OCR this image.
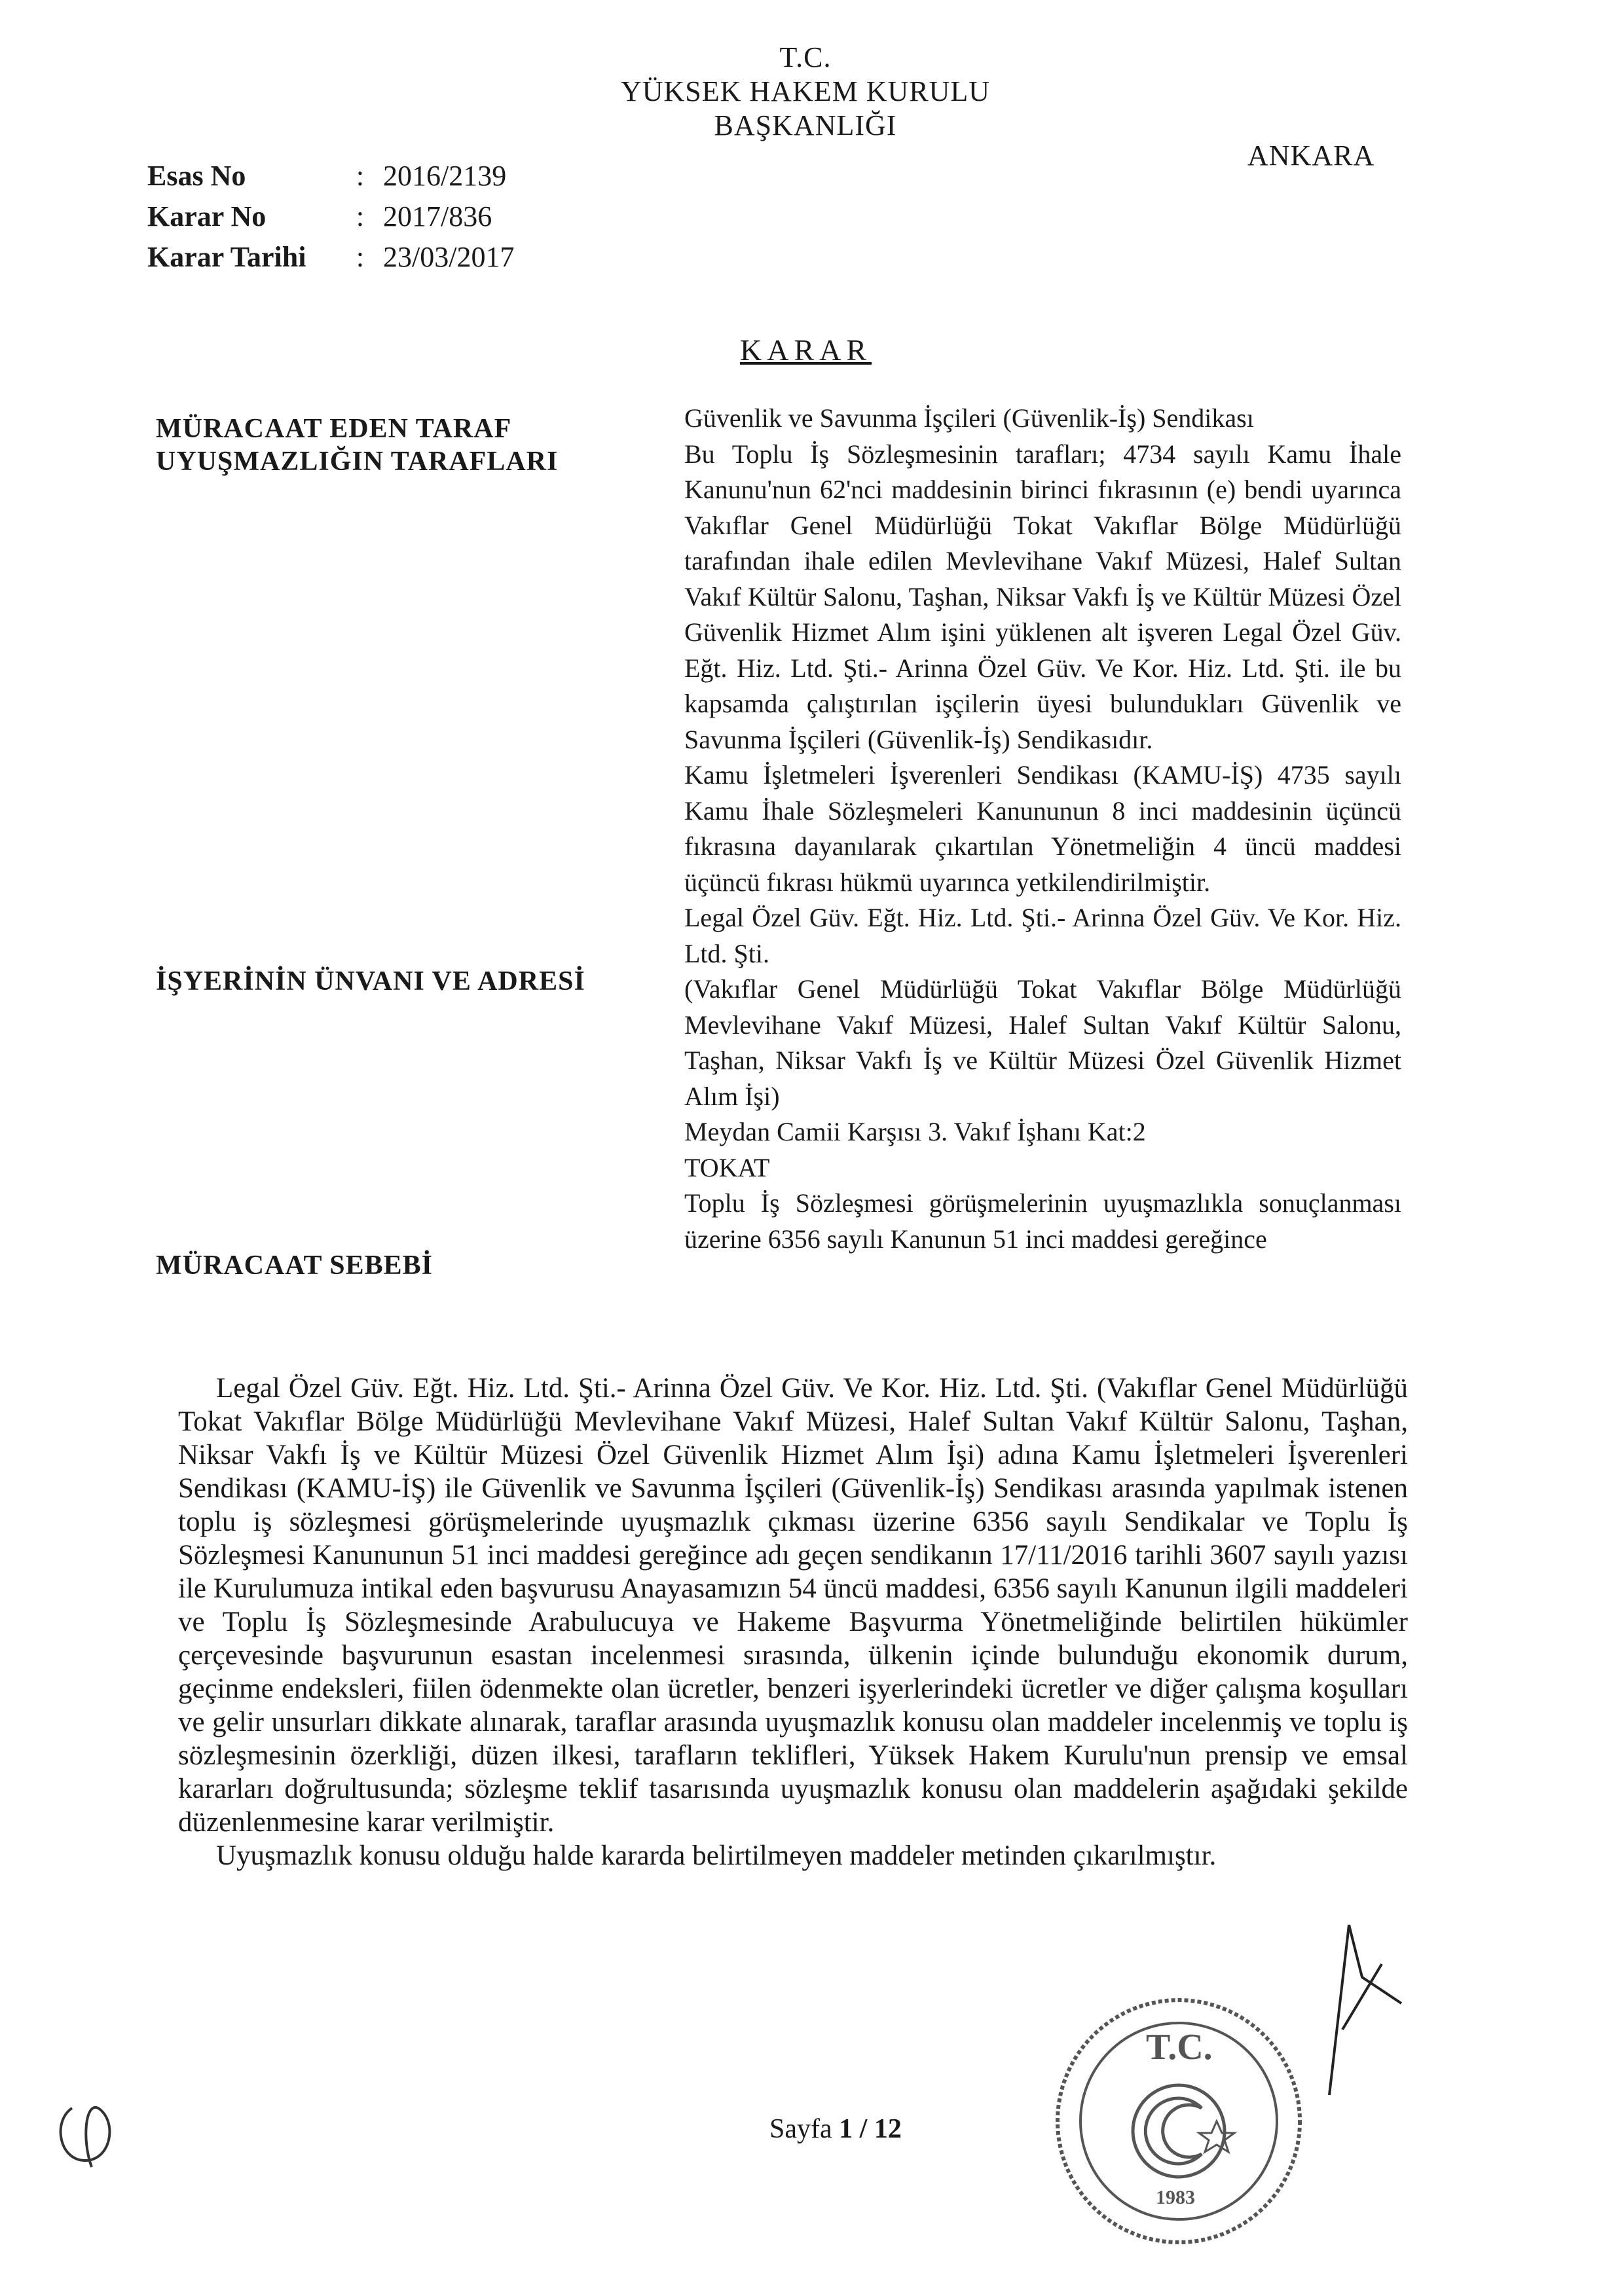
T.C.
YÜKSEK HAKEM KURULU
BAŞKANLIĞI
ANKARA
Esas No	: 2016/2139
Karar No	: 2017/836
Karar Tarihi : 23/03/2017
KARAR
MÜRACAAT EDEN TARAF
UYUŞMAZLIĞIN TARAFLARI
İŞYERİNİN ÜNVANI VE ADRESİ
MÜRACAAT SEBEBİ

Güvenlik ve Savunma İşçileri (Güvenlik-İş) Sendikası

Bu Toplu İş Sözleşmesinin tarafları; 4734 sayılı Kamu İhale Kanunu'nun 62'nci maddesinin birinci fıkrasının (e) bendi uyarınca Vakıflar Genel Müdürlüğü Tokat Vakıflar Bölge Müdürlüğü tarafından ihale edilen Mevlevihane Vakıf Müzesi, Halef Sultan Vakıf Kültür Salonu, Taşhan, Niksar Vakfı İş ve Kültür Müzesi Özel Güvenlik Hizmet Alım işini yüklenen alt işveren Legal Özel Güv. Eğt. Hiz. Ltd. Şti.- Arinna Özel Güv. Ve Kor. Hiz. Ltd. Şti. ile bu kapsamda çalıştırılan işçilerin üyesi bulundukları Güvenlik ve Savunma İşçileri (Güvenlik-İş) Sendikasıdır.

Kamu İşletmeleri İşverenleri Sendikası (KAMU-İŞ) 4735 sayılı Kamu İhale Sözleşmeleri Kanununun 8 inci maddesinin üçüncü fıkrasına dayanılarak çıkartılan Yönetmeliğin 4 üncü maddesi üçüncü fıkrası hükmü uyarınca yetkilendirilmiştir.

Legal Özel Güv. Eğt. Hiz. Ltd. Şti.- Arinna Özel Güv. Ve Kor. Hiz. Ltd. Şti.

(Vakıflar Genel Müdürlüğü Tokat Vakıflar Bölge Müdürlüğü Mevlevihane Vakıf Müzesi, Halef Sultan Vakıf Kültür Salonu, Taşhan, Niksar Vakfı İş ve Kültür Müzesi Özel Güvenlik Hizmet Alım İşi)

Meydan Camii Karşısı 3. Vakıf İşhanı Kat:2

TOKAT

Toplu İş Sözleşmesi görüşmelerinin uyuşmazlıkla sonuçlanması üzerine 6356 sayılı Kanunun 51 inci maddesi gereğince

Legal Özel Güv. Eğt. Hiz. Ltd. Şti.- Arinna Özel Güv. Ve Kor. Hiz. Ltd. Şti. (Vakıflar Genel Müdürlüğü Tokat Vakıflar Bölge Müdürlüğü Mevlevihane Vakıf Müzesi, Halef Sultan Vakıf Kültür Salonu, Taşhan, Niksar Vakfı İş ve Kültür Müzesi Özel Güvenlik Hizmet Alım İşi) adına Kamu İşletmeleri İşverenleri Sendikası (KAMU-İŞ) ile Güvenlik ve Savunma İşçileri (Güvenlik-İş) Sendikası arasında yapılmak istenen toplu iş sözleşmesi görüşmelerinde uyuşmazlık çıkması üzerine 6356 sayılı Sendikalar ve Toplu İş Sözleşmesi Kanununun 51 inci maddesi gereğince adı geçen sendikanın 17/11/2016 tarihli 3607 sayılı yazısı ile Kurulumuza intikal eden başvurusu Anayasamızın 54 üncü maddesi, 6356 sayılı Kanunun ilgili maddeleri ve Toplu İş Sözleşmesinde Arabulucuya ve Hakeme Başvurma Yönetmeliğinde belirtilen hükümler çerçevesinde başvurunun esastan incelenmesi sırasında, ülkenin içinde bulunduğu ekonomik durum, geçinme endeksleri, fiilen ödenmekte olan ücretler, benzeri işyerlerindeki ücretler ve diğer çalışma koşulları ve gelir unsurları dikkate alınarak, taraflar arasında uyuşmazlık konusu olan maddeler incelenmiş ve toplu iş sözleşmesinin özerkliği, düzen ilkesi, tarafların teklifleri, Yüksek Hakem Kurulu'nun prensip ve emsal kararları doğrultusunda; sözleşme teklif tasarısında uyuşmazlık konusu olan maddelerin aşağıdaki şekilde düzenlenmesine karar verilmiştir.

Uyuşmazlık konusu olduğu halde kararda belirtilmeyen maddeler metinden çıkarılmıştır.

Sayfa 1 / 12
T.C.
1983
